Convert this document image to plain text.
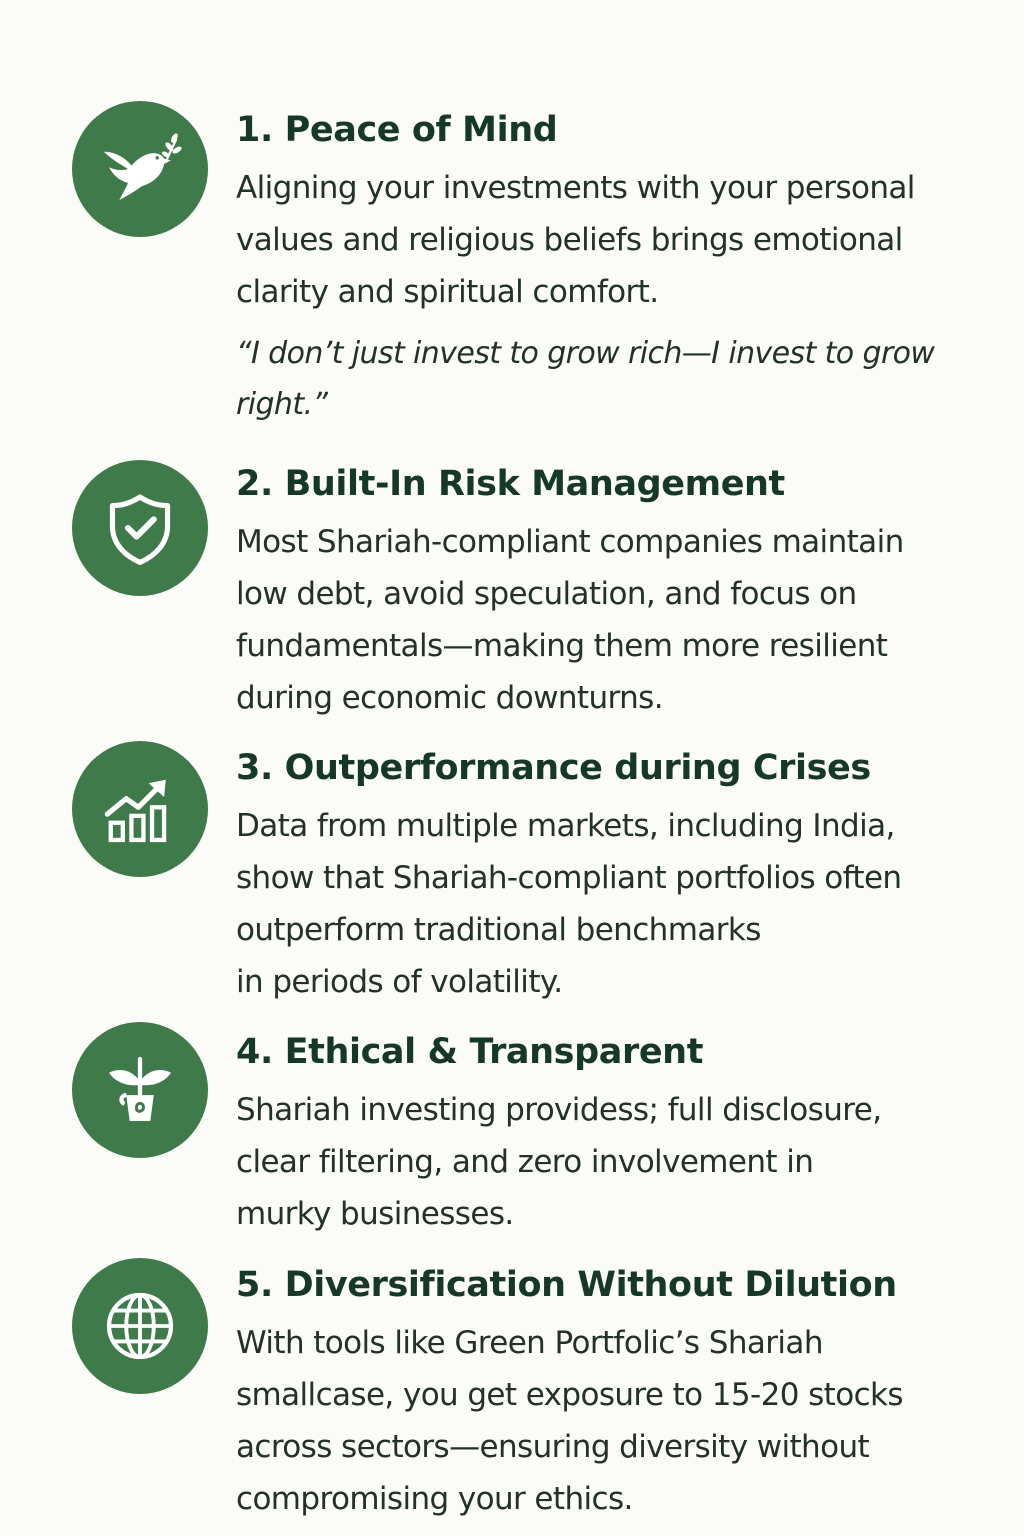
1. Peace of Mind

Aligning your investments with your personal
values and religious beliefs brings emotional
clarity and spiritual comfort.

“I don’t just invest to grow rich—I invest to grow
right.”

2. Built-In Risk Management

Most Shariah-compliant companies maintain
low debt, avoid speculation, and focus on
fundamentals—making them more resilient
during economic downturns.

3. Outperformance during Crises

Data from multiple markets, including India,
show that Shariah-compliant portfolios often
outperform traditional benchmarks
in periods of volatility.

4. Ethical & Transparent

Shariah investing providess; full disclosure,
clear filtering, and zero involvement in
murky businesses.

5. Diversification Without Dilution

With tools like Green Portfolic’s Shariah
smallcase, you get exposure to 15-20 stocks
across sectors—ensuring diversity without
compromising your ethics.
